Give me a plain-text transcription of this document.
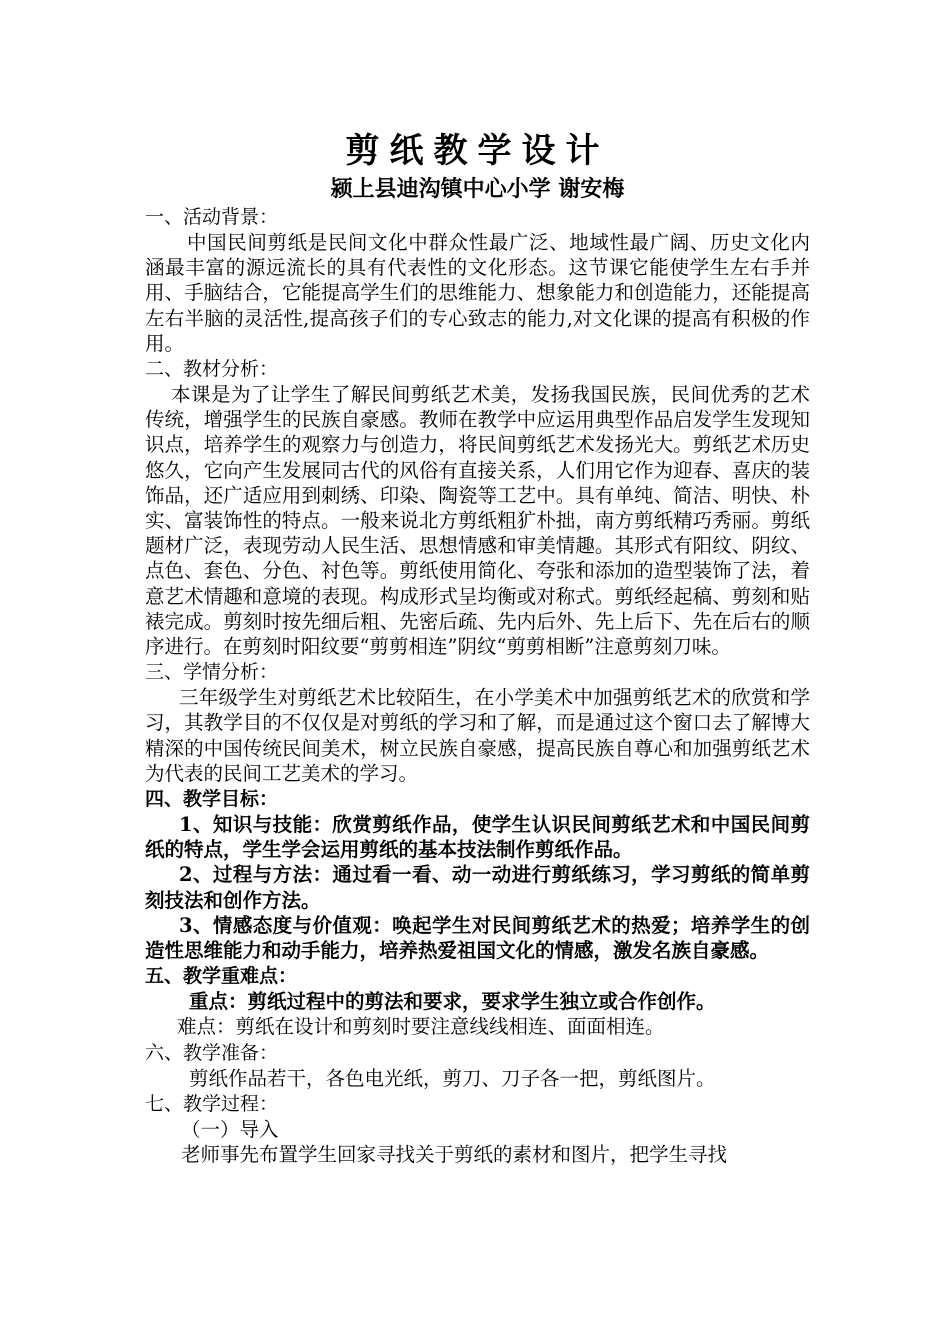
剪纸教学设计

颍上县迪沟镇中心小学 谢安梅

一、活动背景：

中国民间剪纸是民间文化中群众性最广泛、地域性最广阔、历史文化内涵最丰富的源远流长的具有代表性的文化形态。这节课它能使学生左右手并用、手脑结合，它能提高学生们的思维能力、想象能力和创造能力，还能提高左右半脑的灵活性,提高孩子们的专心致志的能力,对文化课的提高有积极的作用。

二、教材分析：

本课是为了让学生了解民间剪纸艺术美，发扬我国民族，民间优秀的艺术传统，增强学生的民族自豪感。教师在教学中应运用典型作品启发学生发现知识点，培养学生的观察力与创造力，将民间剪纸艺术发扬光大。剪纸艺术历史悠久，它向产生发展同古代的风俗有直接关系，人们用它作为迎春、喜庆的装饰品，还广适应用到刺绣、印染、陶瓷等工艺中。具有单纯、简洁、明快、朴实、富装饰性的特点。一般来说北方剪纸粗犷朴拙，南方剪纸精巧秀丽。剪纸题材广泛，表现劳动人民生活、思想情感和审美情趣。其形式有阳纹、阴纹、点色、套色、分色、衬色等。剪纸使用简化、夸张和添加的造型装饰了法，着意艺术情趣和意境的表现。构成形式呈均衡或对称式。剪纸经起稿、剪刻和贴裱完成。剪刻时按先细后粗、先密后疏、先内后外、先上后下、先在后右的顺序进行。在剪刻时阳纹要“剪剪相连”阴纹“剪剪相断”注意剪刻刀味。

三、学情分析：

三年级学生对剪纸艺术比较陌生，在小学美术中加强剪纸艺术的欣赏和学习，其教学目的不仅仅是对剪纸的学习和了解，而是通过这个窗口去了解博大精深的中国传统民间美术，树立民族自豪感，提高民族自尊心和加强剪纸艺术为代表的民间工艺美术的学习。

四、教学目标：

1、知识与技能：欣赏剪纸作品，使学生认识民间剪纸艺术和中国民间剪纸的特点，学生学会运用剪纸的基本技法制作剪纸作品。

2、过程与方法：通过看一看、动一动进行剪纸练习，学习剪纸的简单剪刻技法和创作方法。

3、情感态度与价值观：唤起学生对民间剪纸艺术的热爱；培养学生的创造性思维能力和动手能力，培养热爱祖国文化的情感，激发名族自豪感。

五、教学重难点：

重点：剪纸过程中的剪法和要求，要求学生独立或合作创作。

难点：剪纸在设计和剪刻时要注意线线相连、面面相连。

六、教学准备：

剪纸作品若干，各色电光纸，剪刀、刀子各一把，剪纸图片。

七、教学过程：

（一）导入

老师事先布置学生回家寻找关于剪纸的素材和图片，把学生寻找
